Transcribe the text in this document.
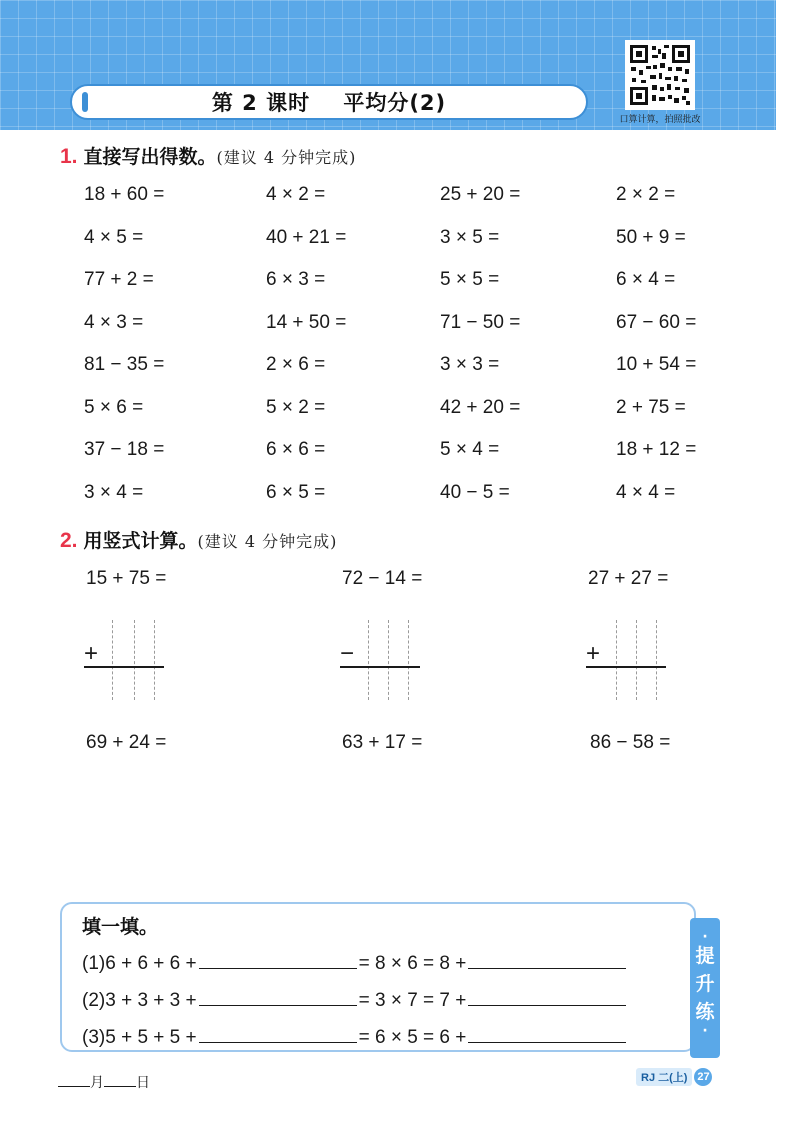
第 2 课时    平均分(2)
口算计算，拍照批改
1. 直接写出得数。(建议 4 分钟完成)
18 + 60 =	4 × 2 =	25 + 20 =	2 × 2 =
4 × 5 =	40 + 21 =	3 × 5 =	50 + 9 =
77 + 2 =	6 × 3 =	5 × 5 =	6 × 4 =
4 × 3 =	14 + 50 =	71 − 50 =	67 − 60 =
81 − 35 =	2 × 6 =	3 × 3 =	10 + 54 =
5 × 6 =	5 × 2 =	42 + 20 =	2 + 75 =
37 − 18 =	6 × 6 =	5 × 4 =	18 + 12 =
3 × 4 =	6 × 5 =	40 − 5 =	4 × 4 =
2. 用竖式计算。(建议 4 分钟完成)
15 + 75 =	72 − 14 =	27 + 27 =
+	−	+
69 + 24 =	63 + 17 =	86 − 58 =
·
提升练
·
填一填。
(1)6 + 6 + 6 +	= 8 × 6 = 8 +
(2)3 + 3 + 3 +	= 3 × 7 = 7 +
(3)5 + 5 + 5 +	= 6 × 5 = 6 +
月 日	RJ 二(上) 27
